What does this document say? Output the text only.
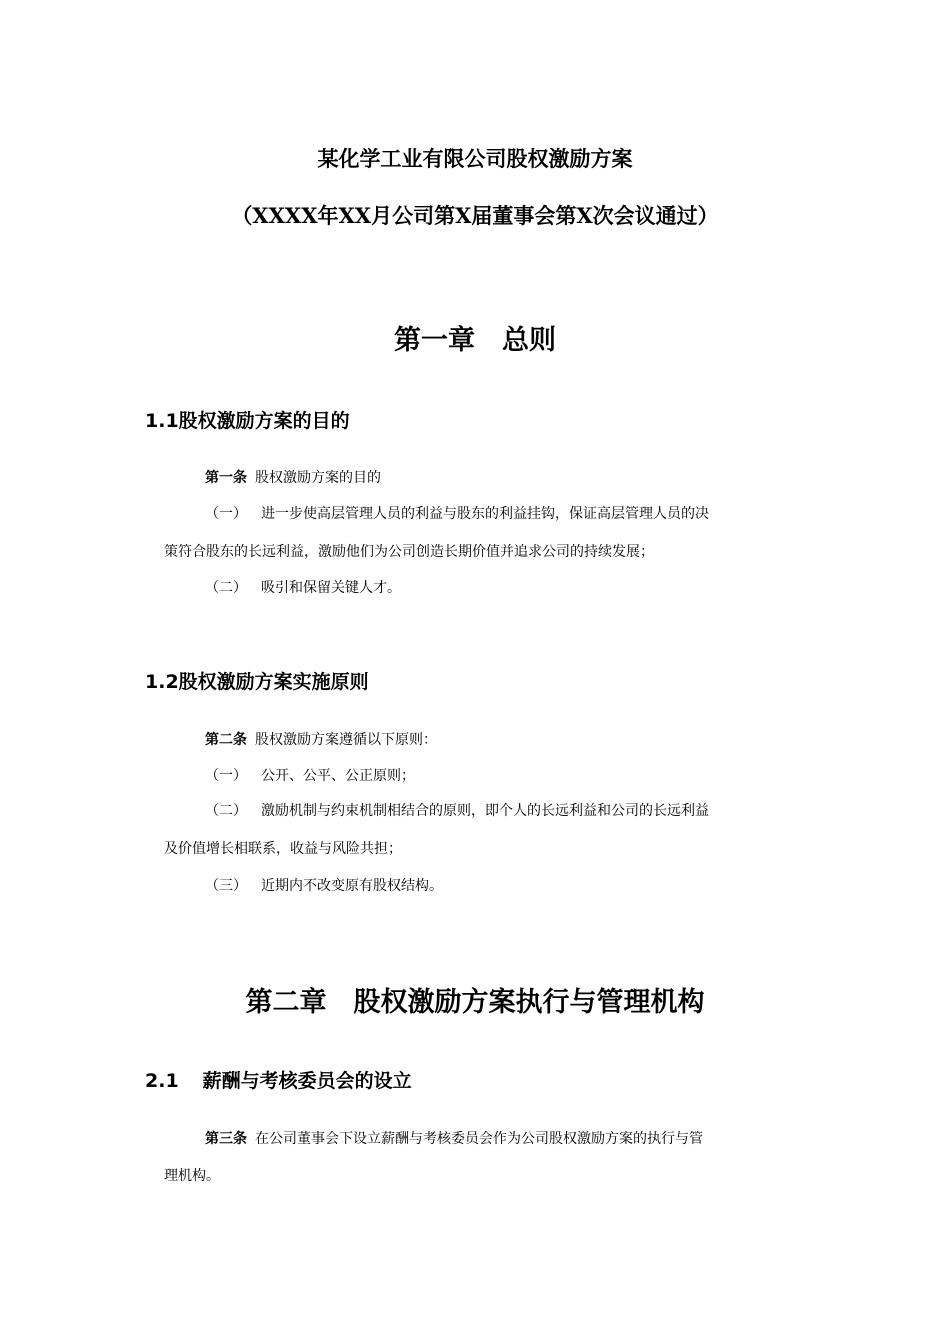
某化学工业有限公司股权激励方案
（XXXX年XX月公司第X届董事会第X次会议通过）
第一章　总则
1.1股权激励方案的目的
第一条 股权激励方案的目的
（一） 进一步使高层管理人员的利益与股东的利益挂钩，保证高层管理人员的决
策符合股东的长远利益，激励他们为公司创造长期价值并追求公司的持续发展；
（二） 吸引和保留关键人才。
1.2股权激励方案实施原则
第二条 股权激励方案遵循以下原则：
（一） 公开、公平、公正原则；
（二） 激励机制与约束机制相结合的原则，即个人的长远利益和公司的长远利益
及价值增长相联系，收益与风险共担；
（三） 近期内不改变原有股权结构。
第二章　股权激励方案执行与管理机构
2.1 薪酬与考核委员会的设立
第三条 在公司董事会下设立薪酬与考核委员会作为公司股权激励方案的执行与管
理机构。
